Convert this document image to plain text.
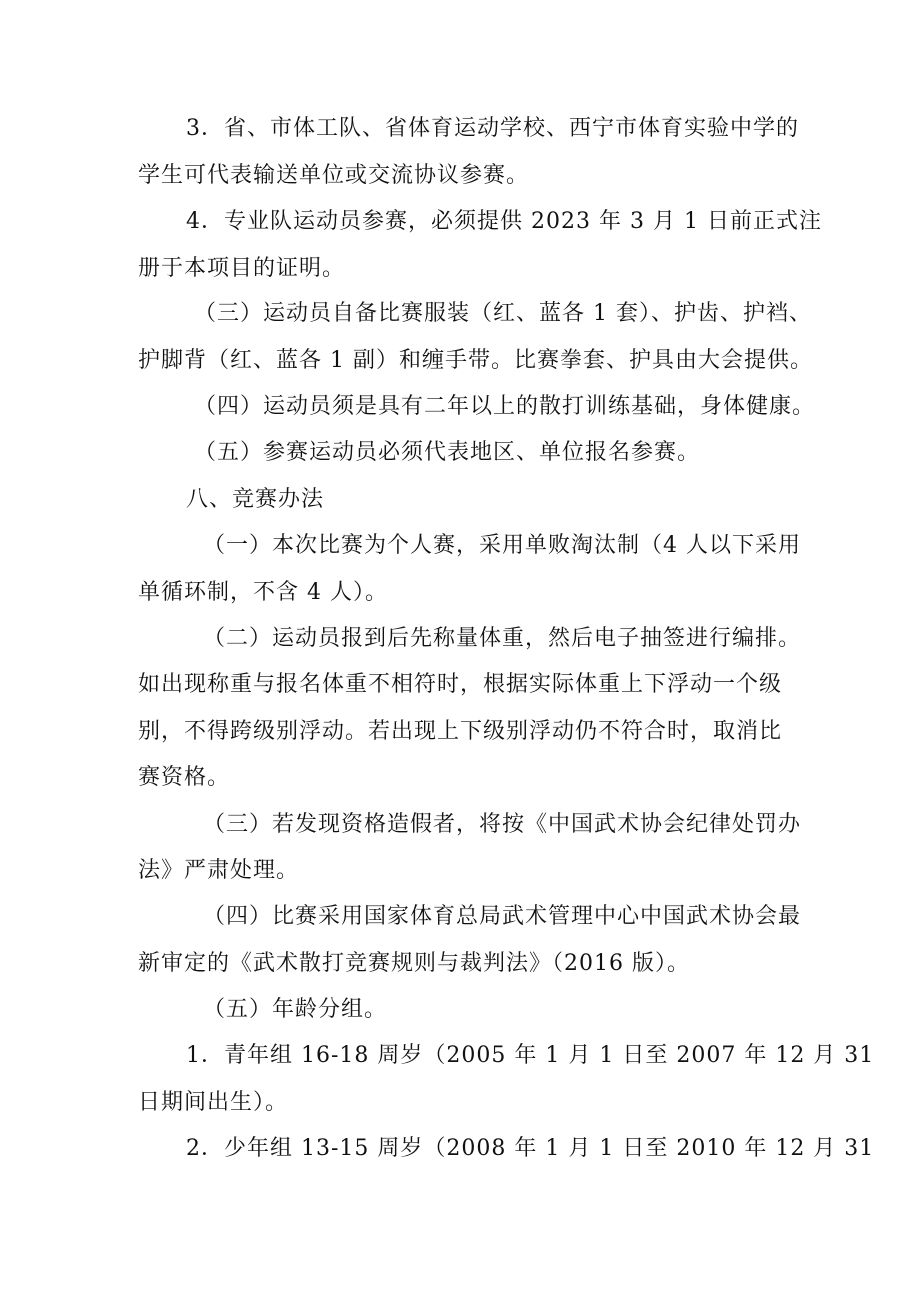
3．省、市体工队、省体育运动学校、西宁市体育实验中学的
学生可代表输送单位或交流协议参赛。
4．专业队运动员参赛，必须提供 2023 年 3 月 1 日前正式注
册于本项目的证明。
（三）运动员自备比赛服装（红、蓝各 1 套）、护齿、护裆、
护脚背（红、蓝各 1 副）和缠手带。比赛拳套、护具由大会提供。
（四）运动员须是具有二年以上的散打训练基础，身体健康。
（五）参赛运动员必须代表地区、单位报名参赛。
八、竞赛办法
（一）本次比赛为个人赛，采用单败淘汰制（4 人以下采用
单循环制，不含 4 人）。
（二）运动员报到后先称量体重，然后电子抽签进行编排。
如出现称重与报名体重不相符时，根据实际体重上下浮动一个级
别，不得跨级别浮动。若出现上下级别浮动仍不符合时，取消比
赛资格。
（三）若发现资格造假者，将按《中国武术协会纪律处罚办
法》严肃处理。
（四）比赛采用国家体育总局武术管理中心中国武术协会最
新审定的《武术散打竞赛规则与裁判法》（2016 版）。
（五）年龄分组。
1．青年组 16-18 周岁（2005 年 1 月 1 日至 2007 年 12 月 31
日期间出生）。
2．少年组 13-15 周岁（2008 年 1 月 1 日至 2010 年 12 月 31
